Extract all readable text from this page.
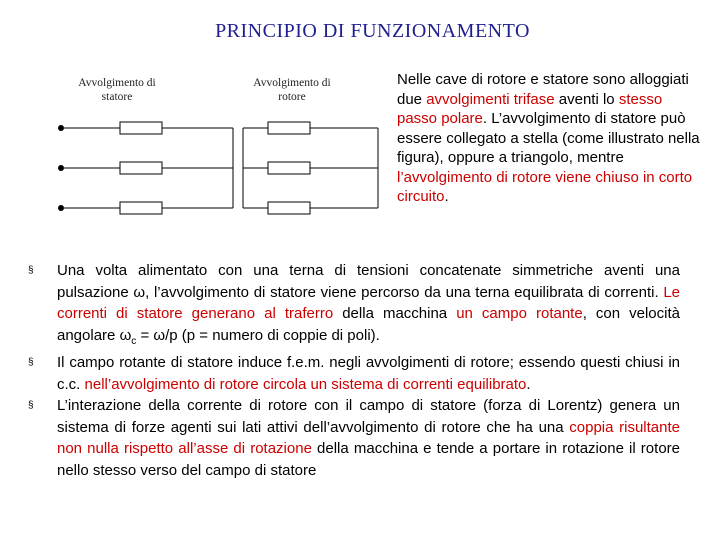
PRINCIPIO DI FUNZIONAMENTO
Avvolgimento di statore
Avvolgimento di rotore
Nelle cave di rotore e statore sono alloggiati due avvolgimenti trifase aventi lo stesso passo polare. L’avvolgimento di statore può essere collegato a stella (come illustrato nella figura), oppure a triangolo, mentre l’avvolgimento di rotore viene chiuso in corto circuito.
§ Una volta alimentato con una terna di tensioni concatenate simmetriche aventi una pulsazione ω, l’avvolgimento di statore viene percorso da una terna equilibrata di correnti. Le correnti di statore generano al traferro della macchina un campo rotante, con velocità angolare $\omega_c = \omega/p$ (p = numero di coppie di poli).
§ Il campo rotante di statore induce f.e.m. negli avvolgimenti di rotore; essendo questi chiusi in c.c. nell’avvolgimento di rotore circola un sistema di correnti equilibrato.
§ L’interazione della corrente di rotore con il campo di statore (forza di Lorentz) genera un sistema di forze agenti sui lati attivi dell’avvolgimento di rotore che ha una coppia risultante non nulla rispetto all’asse di rotazione della macchina e tende a portare in rotazione il rotore nello stesso verso del campo di statore
